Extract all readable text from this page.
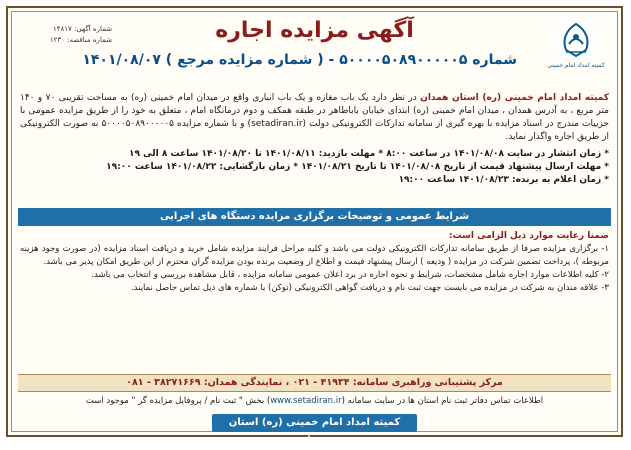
شماره آگهی: ۱۴۸۱۷
شماره مناقصه: ۱۲۳۰	آگهی مزایده اجاره
شماره ۵۰۰۰۰۵۰۸۹۰۰۰۰۰۵ - ( شماره مزایده مرجع ) ۱۴۰۱/۰۸/۰۷	کمیته امداد امام خمینی
کمیته امداد امام خمینی (ره) استان همدان در نظر دارد یک باب مغازه و یک باب انباری واقع در میدان امام خمینی (ره) به مساحت تقریبی ۷۰ و ۱۴۰ متر مربع ، به آدرس همدان ، میدان امام خمینی (ره) ابتدای خیابان باباطاهر در طبقه همکف و دوم درمانگاه امام ، متعلق به خود را از طریق مزایده عمومی با جزییات مندرج در اسناد مزایده با بهره گیری از سامانه تدارکات الکترونیکی دولت (setadiran.ir) و با شماره مزایده ۵۰۰۰۰۵۰۸۹۰۰۰۰۰۵ به صورت الکترونیکی از طریق اجاره واگذار نماید.
* زمان انتشار در سایت ۱۴۰۱/۰۸/۰۸ در ساعت ۸:۰۰ * مهلت بازدید: ۱۴۰۱/۰۸/۱۱ تا ۱۴۰۱/۰۸/۲۰ ساعت ۸ الی ۱۹
* مهلت ارسال پیشنهاد قیمت از تاریخ ۱۴۰۱/۰۸/۰۸ تا تاریخ ۱۴۰۱/۰۸/۲۱ * زمان بازگشایی: ۱۴۰۱/۰۸/۲۲ ساعت ۱۹:۰۰
* زمان اعلام به برنده: ۱۴۰۱/۰۸/۲۳ ساعت ۱۹:۰۰
شرایط عمومی و توضیحات برگزاری مزایده دستگاه های اجرایی
ضمنا رعایت موارد ذیل الزامی است:
۱- برگزاری مزایده صرفا از طریق سامانه تدارکات الکترونیکی دولت می باشد و کلیه مراحل فرایند مزایده شامل خرید و دریافت اسناد مزایده (در صورت وجود هزینه مربوطه )، پرداخت تضمین شرکت در مزایده ( ودیعه ) ارسال پیشنهاد قیمت و اطلاع از وضعیت برنده بودن مزایده گران محترم از این طریق امکان پذیر می باشد.
۲- کلیه اطلاعات موارد اجاره شامل مشخصات، شرایط و نحوه اجاره در برد اعلان عمومی سامانه مزایده ، قابل مشاهده بررسی و انتخاب می باشد.
۳- علاقه مندان به شرکت در مزایده می بایست جهت ثبت نام و دریافت گواهی الکترونیکی (توکن) با شماره های ذیل تماس حاصل نمایند.
مرکز پشتیبانی وراهبری سامانه: ۴۱۹۳۴ - ۰۲۱ ، نمایندگی همدان: ۳۸۲۷۱۶۶۹ - ۰۸۱
اطلاعات تماس دفاتر ثبت نام استان ها در سایت سامانه (www.setadiran.ir) بخش " ثبت نام / پروفایل مزایده گر " موجود است
کمیته امداد امام خمینی (ره) استان همدان
